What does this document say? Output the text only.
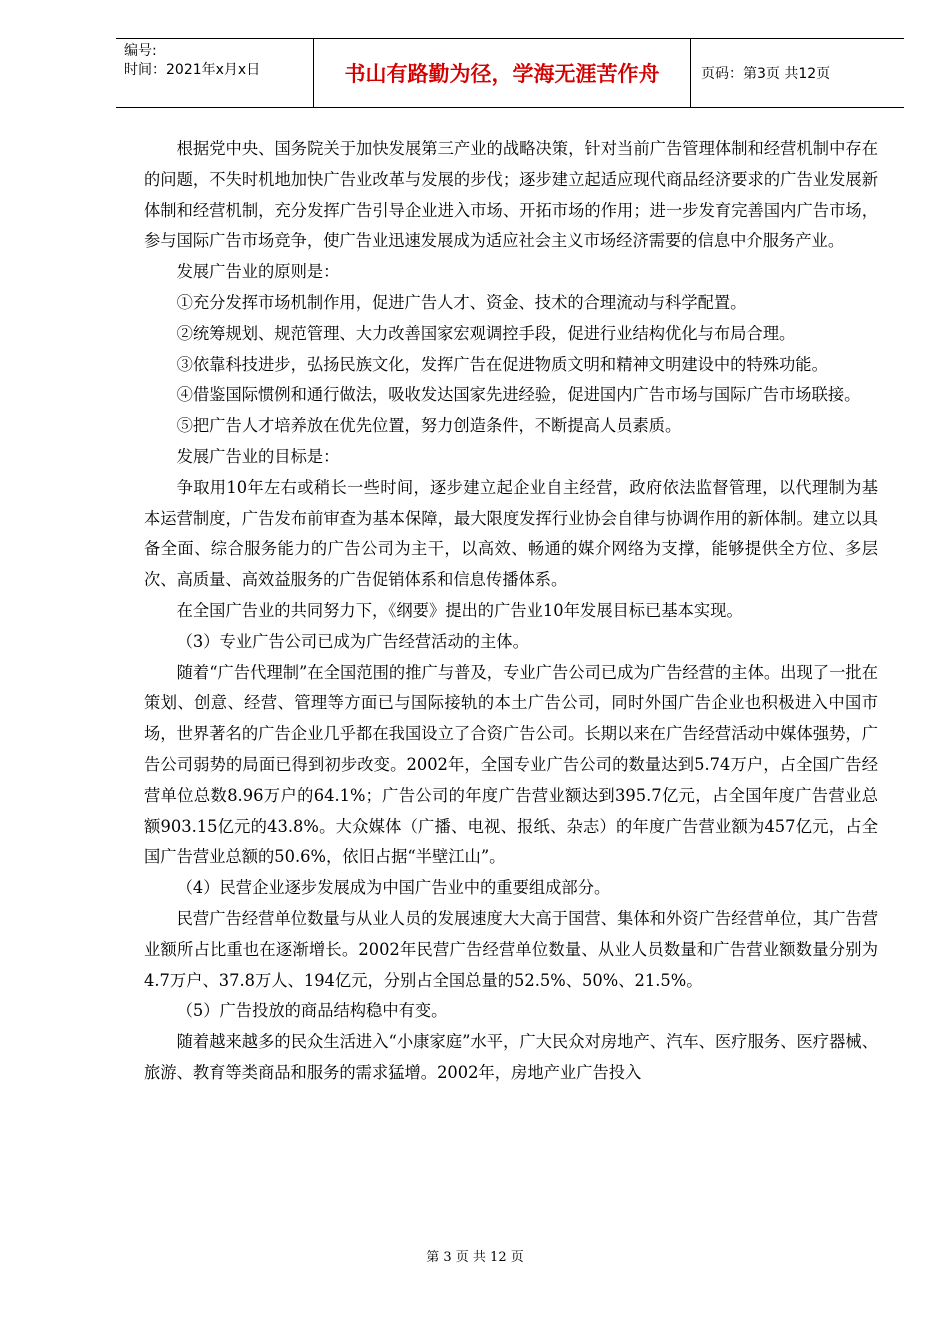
编号:
时间：2021年x月x日	书山有路勤为径，学海无涯苦作舟	页码：第3页 共12页

根据党中央、国务院关于加快发展第三产业的战略决策，针对当前广告管理体制和经营机制中存在的问题，不失时机地加快广告业改革与发展的步伐；逐步建立起适应现代商品经济要求的广告业发展新体制和经营机制，充分发挥广告引导企业进入市场、开拓市场的作用；进一步发育完善国内广告市场，参与国际广告市场竞争，使广告业迅速发展成为适应社会主义市场经济需要的信息中介服务产业。

发展广告业的原则是：

①充分发挥市场机制作用，促进广告人才、资金、技术的合理流动与科学配置。

②统筹规划、规范管理、大力改善国家宏观调控手段，促进行业结构优化与布局合理。

③依靠科技进步，弘扬民族文化，发挥广告在促进物质文明和精神文明建设中的特殊功能。

④借鉴国际惯例和通行做法，吸收发达国家先进经验，促进国内广告市场与国际广告市场联接。

⑤把广告人才培养放在优先位置，努力创造条件，不断提高人员素质。

发展广告业的目标是：

争取用10年左右或稍长一些时间，逐步建立起企业自主经营，政府依法监督管理，以代理制为基本运营制度，广告发布前审查为基本保障，最大限度发挥行业协会自律与协调作用的新体制。建立以具备全面、综合服务能力的广告公司为主干，以高效、畅通的媒介网络为支撑，能够提供全方位、多层次、高质量、高效益服务的广告促销体系和信息传播体系。

在全国广告业的共同努力下，《纲要》提出的广告业10年发展目标已基本实现。

（3）专业广告公司已成为广告经营活动的主体。

随着“广告代理制”在全国范围的推广与普及，专业广告公司已成为广告经营的主体。出现了一批在策划、创意、经营、管理等方面已与国际接轨的本土广告公司，同时外国广告企业也积极进入中国市场，世界著名的广告企业几乎都在我国设立了合资广告公司。长期以来在广告经营活动中媒体强势，广告公司弱势的局面已得到初步改变。2002年，全国专业广告公司的数量达到5.74万户，占全国广告经营单位总数8.96万户的64.1%；广告公司的年度广告营业额达到395.7亿元，占全国年度广告营业总额903.15亿元的43.8%。大众媒体（广播、电视、报纸、杂志）的年度广告营业额为457亿元，占全国广告营业总额的50.6%，依旧占据“半壁江山”。

（4）民营企业逐步发展成为中国广告业中的重要组成部分。

民营广告经营单位数量与从业人员的发展速度大大高于国营、集体和外资广告经营单位，其广告营业额所占比重也在逐渐增长。2002年民营广告经营单位数量、从业人员数量和广告营业额数量分别为4.7万户、37.8万人、194亿元，分别占全国总量的52.5%、50%、21.5%。

（5）广告投放的商品结构稳中有变。

随着越来越多的民众生活进入“小康家庭”水平，广大民众对房地产、汽车、医疗服务、医疗器械、旅游、教育等类商品和服务的需求猛增。2002年，房地产业广告投入

第 3 页 共 12 页
